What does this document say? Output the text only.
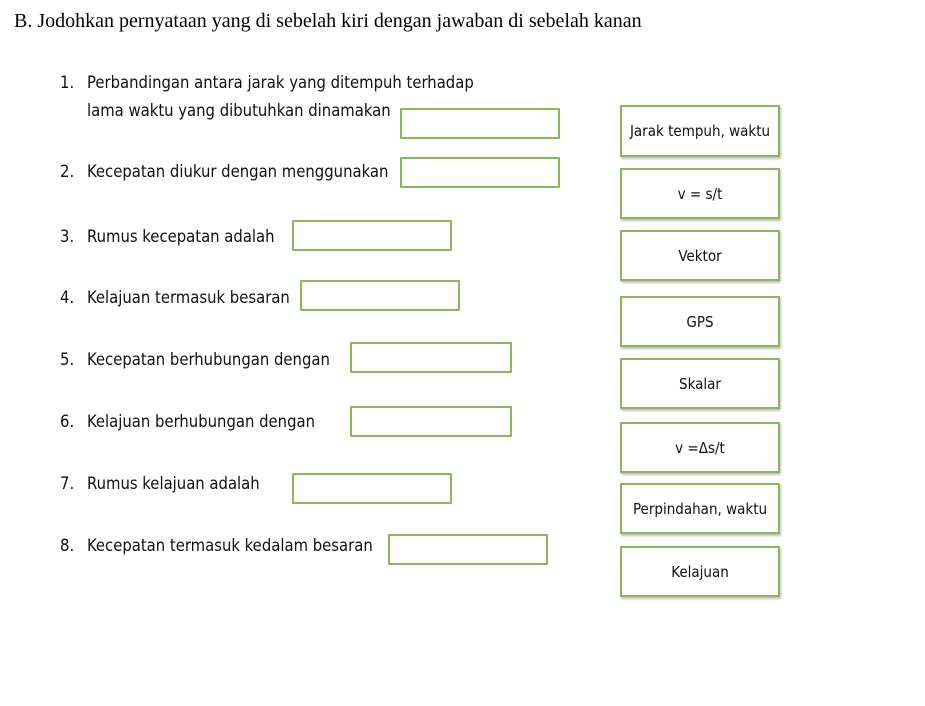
B. Jodohkan pernyataan yang di sebelah kiri dengan jawaban di sebelah kanan
1. Perbandingan antara jarak yang ditempuh terhadap
lama waktu yang dibutuhkan dinamakan
2. Kecepatan diukur dengan menggunakan
3. Rumus kecepatan adalah
4. Kelajuan termasuk besaran
5. Kecepatan berhubungan dengan
6. Kelajuan berhubungan dengan
7. Rumus kelajuan adalah
8. Kecepatan termasuk kedalam besaran
Jarak tempuh, waktu
v = s/t
Vektor
GPS
Skalar
v =Δs/t
Perpindahan, waktu
Kelajuan
